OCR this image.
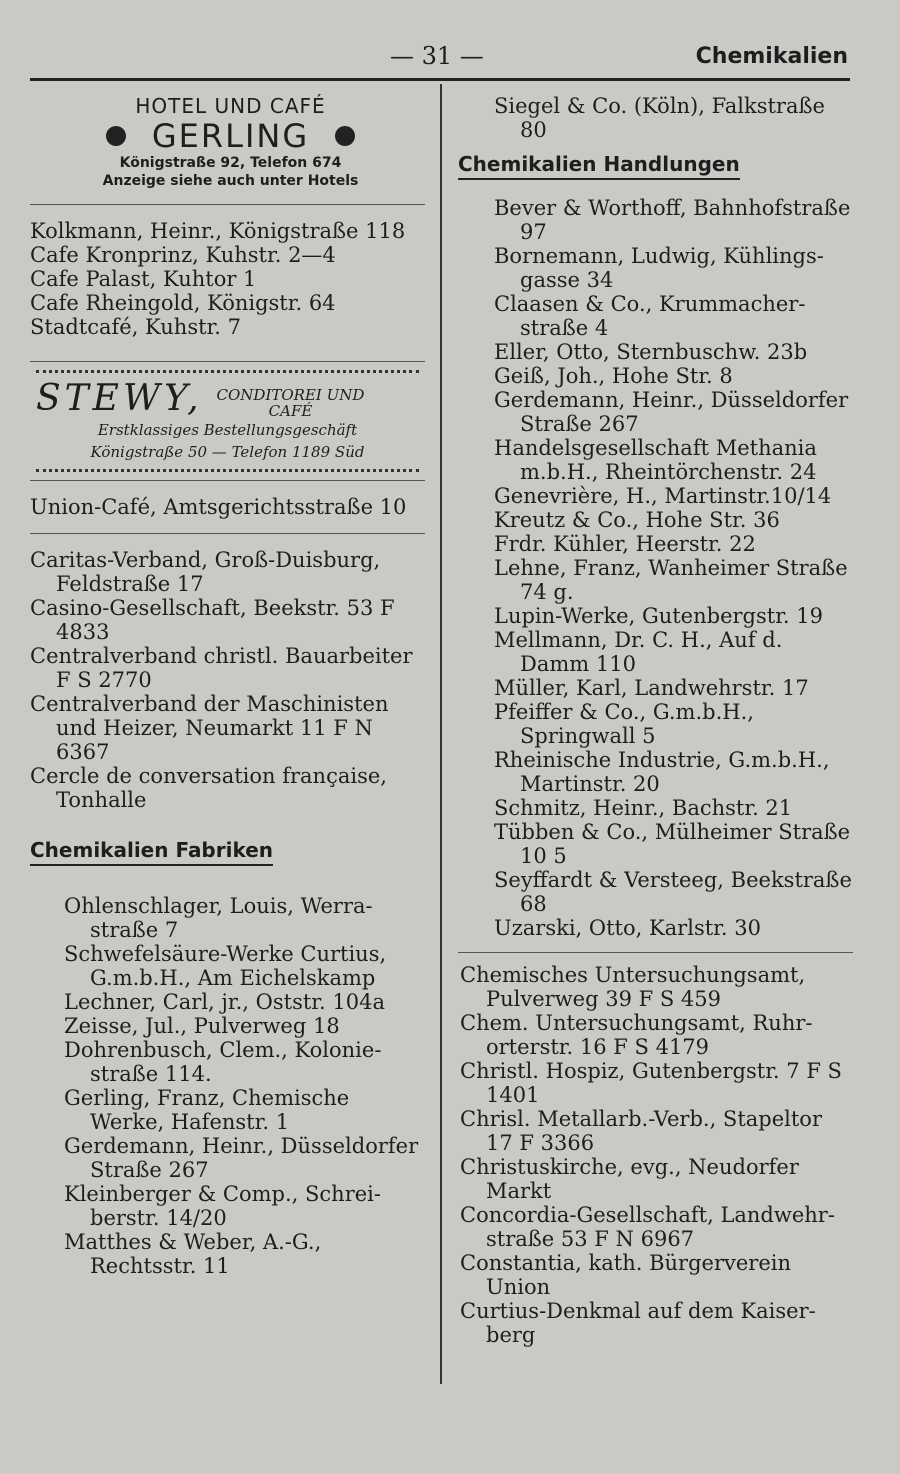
— 31 —	Chemikalien
HOTEL UND CAFÉ
GERLING
Königstraße 92, Telefon 674
Anzeige siehe auch unter Hotels

Kolkmann, Heinr., Königstraße 118

Cafe Kronprinz, Kuhstr. 2—4

Cafe Palast, Kuhtor 1

Cafe Rheingold, Königstr. 64

Stadtcafé, Kuhstr. 7

STEWY, CONDITOREI UND
CAFÉ
Erstklassiges Bestellungsgeschäft
Königstraße 50 — Telefon 1189 Süd

Union-Café, Amtsgerichtsstraße 10

Caritas-Verband, Groß-Duisburg, Feldstraße 17

Casino-Gesellschaft, Beekstr. 53 F 4833

Centralverband christl. Bauarbeiter F S 2770

Centralverband der Maschinisten und Heizer, Neumarkt 11 F N 6367

Cercle de conversation française, Tonhalle

Chemikalien Fabriken

Ohlenschlager, Louis, Werrastraße 7

Schwefelsäure-Werke Curtius, G.m.b.H., Am Eichelskamp

Lechner, Carl, jr., Oststr. 104a

Zeisse, Jul., Pulverweg 18

Dohrenbusch, Clem., Koloniestraße 114.

Gerling, Franz, Chemische Werke, Hafenstr. 1

Gerdemann, Heinr., Düsseldorfer Straße 267

Kleinberger & Comp., Schreiberstr. 14/20

Matthes & Weber, A.-G., Rechtsstr. 11

Siegel & Co. (Köln), Falkstraße 80

Chemikalien Handlungen

Bever & Worthoff, Bahnhofstraße 97

Bornemann, Ludwig, Kühlingsgasse 34

Claasen & Co., Krummacherstraße 4

Eller, Otto, Sternbuschw. 23b

Geiß, Joh., Hohe Str. 8

Gerdemann, Heinr., Düsseldorfer Straße 267

Handelsgesellschaft Methania m.b.H., Rheintörchenstr. 24

Genevrière, H., Martinstr.10/14

Kreutz & Co., Hohe Str. 36

Frdr. Kühler, Heerstr. 22

Lehne, Franz, Wanheimer Straße 74 g.

Lupin-Werke, Gutenbergstr. 19

Mellmann, Dr. C. H., Auf d. Damm 110

Müller, Karl, Landwehrstr. 17

Pfeiffer & Co., G.m.b.H., Springwall 5

Rheinische Industrie, G.m.b.H., Martinstr. 20

Schmitz, Heinr., Bachstr. 21

Tübben & Co., Mülheimer Straße 10 5

Seyffardt & Versteeg, Beekstraße 68

Uzarski, Otto, Karlstr. 30

Chemisches Untersuchungsamt, Pulverweg 39 F S 459

Chem. Untersuchungsamt, Ruhrorterstr. 16 F S 4179

Christl. Hospiz, Gutenbergstr. 7 F S 1401

Chrisl. Metallarb.-Verb., Stapeltor 17 F 3366

Christuskirche, evg., Neudorfer Markt

Concordia-Gesellschaft, Landwehrstraße 53 F N 6967

Constantia, kath. Bürgerverein Union

Curtius-Denkmal auf dem Kaiserberg
